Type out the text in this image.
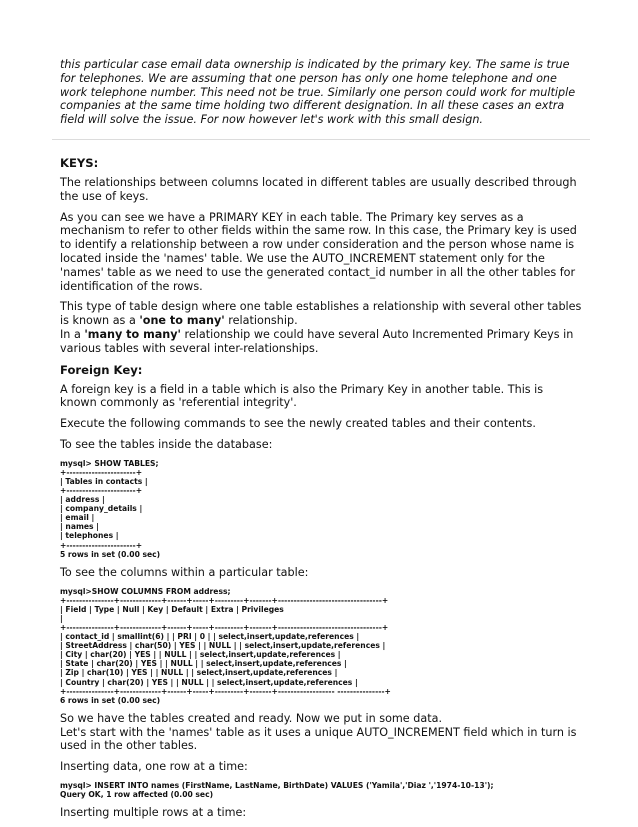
this particular case email data ownership is indicated by the primary key. The same is true for telephones. We are assuming that one person has only one home telephone and one work telephone number. This need not be true. Similarly one person could work for multiple companies at the same time holding two different designation. In all these cases an extra field will solve the issue. For now however let's work with this small design.

KEYS:

The relationships between columns located in different tables are usually described through the use of keys.

As you can see we have a PRIMARY KEY in each table. The Primary key serves as a mechanism to refer to other fields within the same row. In this case, the Primary key is used to identify a relationship between a row under consideration and the person whose name is located inside the 'names' table. We use the AUTO_INCREMENT statement only for the 'names' table as we need to use the generated contact_id number in all the other tables for identification of the rows.

This type of table design where one table establishes a relationship with several other tables is known as a 'one to many' relationship.
In a 'many to many' relationship we could have several Auto Incremented Primary Keys in various tables with several inter-relationships.

Foreign Key:

A foreign key is a field in a table which is also the Primary Key in another table. This is known commonly as 'referential integrity'.

Execute the following commands to see the newly created tables and their contents.

To see the tables inside the database:

mysql> SHOW TABLES;
+----------------------+
| Tables in contacts |
+----------------------+
| address |
| company_details |
| email |
| names |
| telephones |
+----------------------+
5 rows in set (0.00 sec)

To see the columns within a particular table:

mysql>SHOW COLUMNS FROM address;
+---------------+-------------+------+-----+---------+-------+---------------------------------+
| Field | Type | Null | Key | Default | Extra | Privileges
|
+---------------+-------------+------+-----+---------+-------+---------------------------------+
| contact_id | smallint(6) | | PRI | 0 | | select,insert,update,references |
| StreetAddress | char(50) | YES | | NULL | | select,insert,update,references |
| City | char(20) | YES | | NULL | | select,insert,update,references |
| State | char(20) | YES | | NULL | | select,insert,update,references |
| Zip | char(10) | YES | | NULL | | select,insert,update,references |
| Country | char(20) | YES | | NULL | | select,insert,update,references |
+---------------+-------------+------+-----+---------+-------+------------------ ---------------+
6 rows in set (0.00 sec)

So we have the tables created and ready. Now we put in some data.
Let's start with the 'names' table as it uses a unique AUTO_INCREMENT field which in turn is used in the other tables.

Inserting data, one row at a time:

mysql> INSERT INTO names (FirstName, LastName, BirthDate) VALUES ('Yamila','Diaz ','1974-10-13');
Query OK, 1 row affected (0.00 sec)

Inserting multiple rows at a time:
